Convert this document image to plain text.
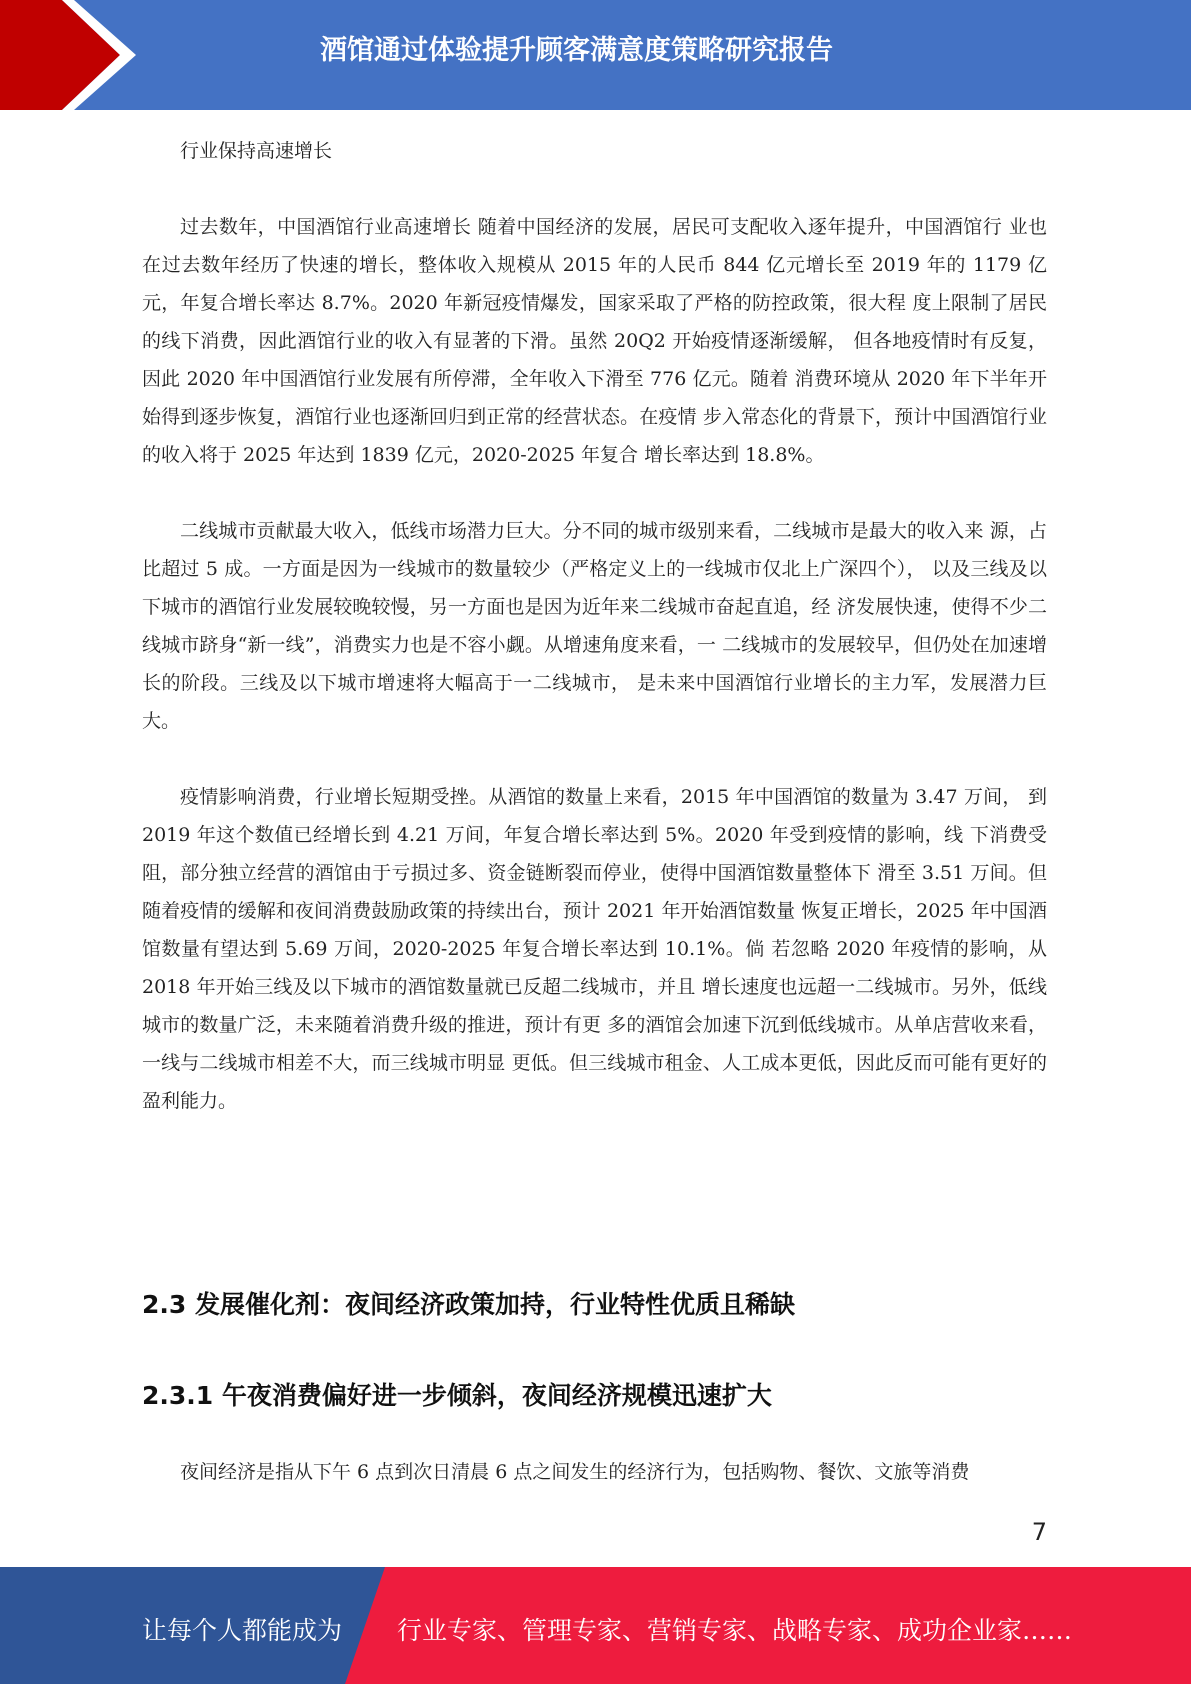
酒馆通过体验提升顾客满意度策略研究报告

行业保持高速增长

过去数年，中国酒馆行业高速增长 随着中国经济的发展，居民可支配收入逐年提升，中国酒馆行 业也在过去数年经历了快速的增长，整体收入规模从 2015 年的人民币 844 亿元增长至 2019 年的 1179 亿元，年复合增长率达 8.7%。2020 年新冠疫情爆发，国家采取了严格的防控政策，很大程 度上限制了居民的线下消费，因此酒馆行业的收入有显著的下滑。虽然 20Q2 开始疫情逐渐缓解， 但各地疫情时有反复，因此 2020 年中国酒馆行业发展有所停滞，全年收入下滑至 776 亿元。随着 消费环境从 2020 年下半年开始得到逐步恢复，酒馆行业也逐渐回归到正常的经营状态。在疫情 步入常态化的背景下，预计中国酒馆行业的收入将于 2025 年达到 1839 亿元，2020-2025 年复合 增长率达到 18.8%。

二线城市贡献最大收入，低线市场潜力巨大。分不同的城市级别来看，二线城市是最大的收入来 源，占比超过 5 成。一方面是因为一线城市的数量较少（严格定义上的一线城市仅北上广深四个）， 以及三线及以下城市的酒馆行业发展较晚较慢，另一方面也是因为近年来二线城市奋起直追，经 济发展快速，使得不少二线城市跻身“新一线”，消费实力也是不容小觑。从增速角度来看，一 二线城市的发展较早，但仍处在加速增长的阶段。三线及以下城市增速将大幅高于一二线城市， 是未来中国酒馆行业增长的主力军，发展潜力巨大。

疫情影响消费，行业增长短期受挫。从酒馆的数量上来看，2015 年中国酒馆的数量为 3.47 万间， 到 2019 年这个数值已经增长到 4.21 万间，年复合增长率达到 5%。2020 年受到疫情的影响，线 下消费受阻，部分独立经营的酒馆由于亏损过多、资金链断裂而停业，使得中国酒馆数量整体下 滑至 3.51 万间。但随着疫情的缓解和夜间消费鼓励政策的持续出台，预计 2021 年开始酒馆数量 恢复正增长，2025 年中国酒馆数量有望达到 5.69 万间，2020-2025 年复合增长率达到 10.1%。倘 若忽略 2020 年疫情的影响，从 2018 年开始三线及以下城市的酒馆数量就已反超二线城市，并且 增长速度也远超一二线城市。另外，低线城市的数量广泛，未来随着消费升级的推进，预计有更 多的酒馆会加速下沉到低线城市。从单店营收来看，一线与二线城市相差不大，而三线城市明显 更低。但三线城市租金、人工成本更低，因此反而可能有更好的盈利能力。

2.3 发展催化剂：夜间经济政策加持，行业特性优质且稀缺
2.3.1 午夜消费偏好进一步倾斜，夜间经济规模迅速扩大

夜间经济是指从下午 6 点到次日清晨 6 点之间发生的经济行为，包括购物、餐饮、文旅等消费

7
让每个人都能成为 行业专家、管理专家、营销专家、战略专家、成功企业家……
